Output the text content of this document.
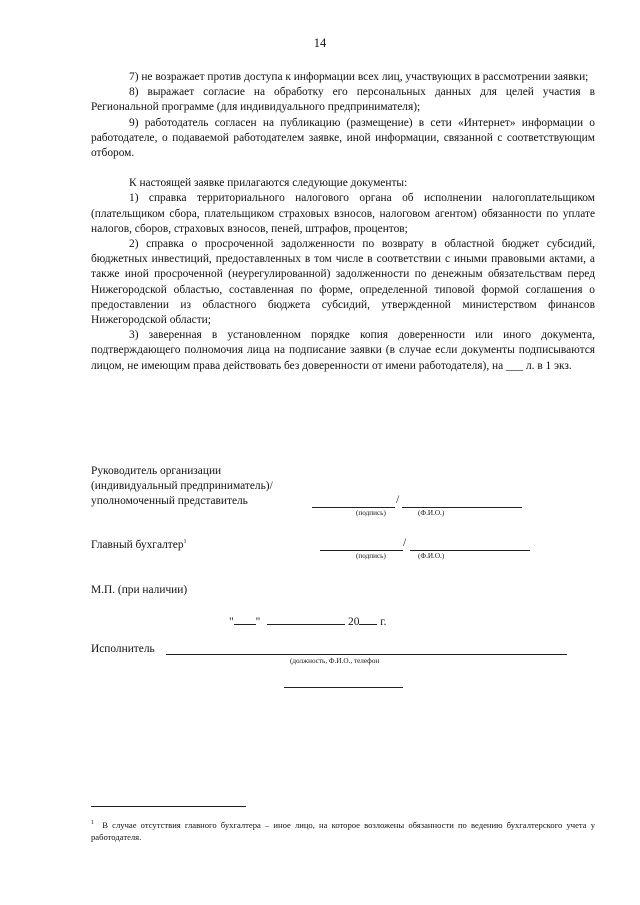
14

7) не возражает против доступа к информации всех лиц, участвующих в рассмотрении заявки;

8) выражает согласие на обработку его персональных данных для целей участия в Региональной программе (для индивидуального предпринимателя);

9) работодатель согласен на публикацию (размещение) в сети «Интернет» информации о работодателе, о подаваемой работодателем заявке, иной информации, связанной с соответствующим отбором.

К настоящей заявке прилагаются следующие документы:

1) справка территориального налогового органа об исполнении налогоплательщиком (плательщиком сбора, плательщиком страховых взносов, налоговом агентом) обязанности по уплате налогов, сборов, страховых взносов, пеней, штрафов, процентов;

2) справка о просроченной задолженности по возврату в областной бюджет субсидий, бюджетных инвестиций, предоставленных в том числе в соответствии с иными правовыми актами, а также иной просроченной (неурегулированной) задолженности по денежным обязательствам перед Нижегородской областью, составленная по форме, определенной типовой формой соглашения о предоставлении из областного бюджета субсидий, утвержденной министерством финансов Нижегородской области;

3) заверенная в установленном порядке копия доверенности или иного документа, подтверждающего полномочия лица на подписание заявки (в случае если документы подписываются лицом, не имеющим права действовать без доверенности от имени работодателя), на ___ л. в 1 экз.

Руководитель организации
(индивидуальный предприниматель)/
уполномоченный представитель	/
(подпись)	(Ф.И.О.)
Главный бухгалтер$^1$	/
(подпись)	(Ф.И.О.)
М.П. (при наличии)
" "	20 г.
Исполнитель
(должность, Ф.И.О., телефон
$^1$ В случае отсутствия главного бухгалтера – иное лицо, на которое возложены обязанности по ведению бухгалтерского учета у работодателя.
